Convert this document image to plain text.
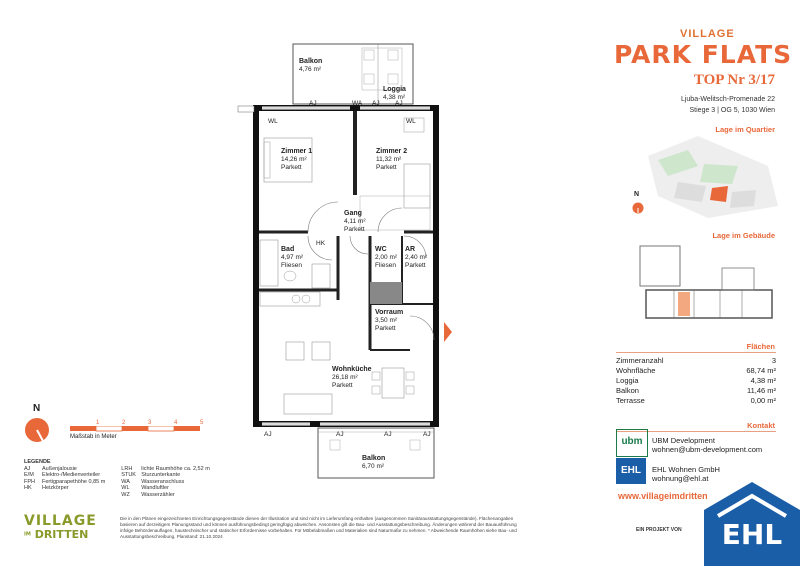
AJ	WA AJ AJ
WL	WL
HK
AJ	AJ	AJ	AJ
Balkon
4,76 m²
Loggia
4,38 m²
Zimmer 1
14,26 m²
Parkett
Zimmer 2
11,32 m²
Parkett
Gang
4,11 m²
Parkett
Bad
4,97 m²
Fliesen
WC
2,00 m²
Fliesen
AR
2,40 m²
Parkett
Vorraum
3,50 m²
Parkett
Wohnküche
26,18 m²
Parkett
Balkon
6,70 m²
N
1	2	3	4	5
Maßstab in Meter
LEGENDE
AJ Außenjalousie
E/M Elektro-/Medienverteiler
FPH Fertigparapethöhe 0,85 m
HK Heizkörper
LRH lichte Raumhöhe ca. 2,52 m
STUK Sturzunterkante
WA Wasseranschluss
WL Wandluftler
WZ Wasserzähler
VILLAGE
IM DRITTEN
Die in den Plänen eingezeichneten Einrichtungsgegenstände dienen der Illustration und sind nicht im Lieferumfang enthalten (ausgenommen Sanitärausstattungsgegenstände). Flächenangaben basieren auf derzeitigem Planungsstand und können ausführungsbedingt geringfügig abweichen. Ansonsten gilt die Bau- und Ausstattungsbeschreibung. Änderungen während der Bauausführung infolge Behördenauflagen, haustechnischer und statischer Erfordernisse vorbehalten. Für Möbelabmaßen und Materialien sind Naturmaße zu nehmen. * Abweichende Raumhöhen siehe Bau- und Ausstattungsbeschreibung. Planstand: 21.10.2024
VILLAGE
PARK FLATS
TOP Nr 3/17
Ljuba-Welitsch-Promenade 22
Stiege 3 | OG 5, 1030 Wien
Lage im Quartier
N
Lage im Gebäude
Flächen
Zimmeranzahl	3
Wohnfläche	68,74 m²
Loggia	4,38 m²
Balkon	11,46 m²
Terrasse	0,00 m²
Kontakt
ubm	UBM Development
wohnen@ubm-development.com
EHL	EHL Wohnen GmbH
wohnung@ehl.at
www.villageimdritten
EIN PROJEKT VON	EHL
